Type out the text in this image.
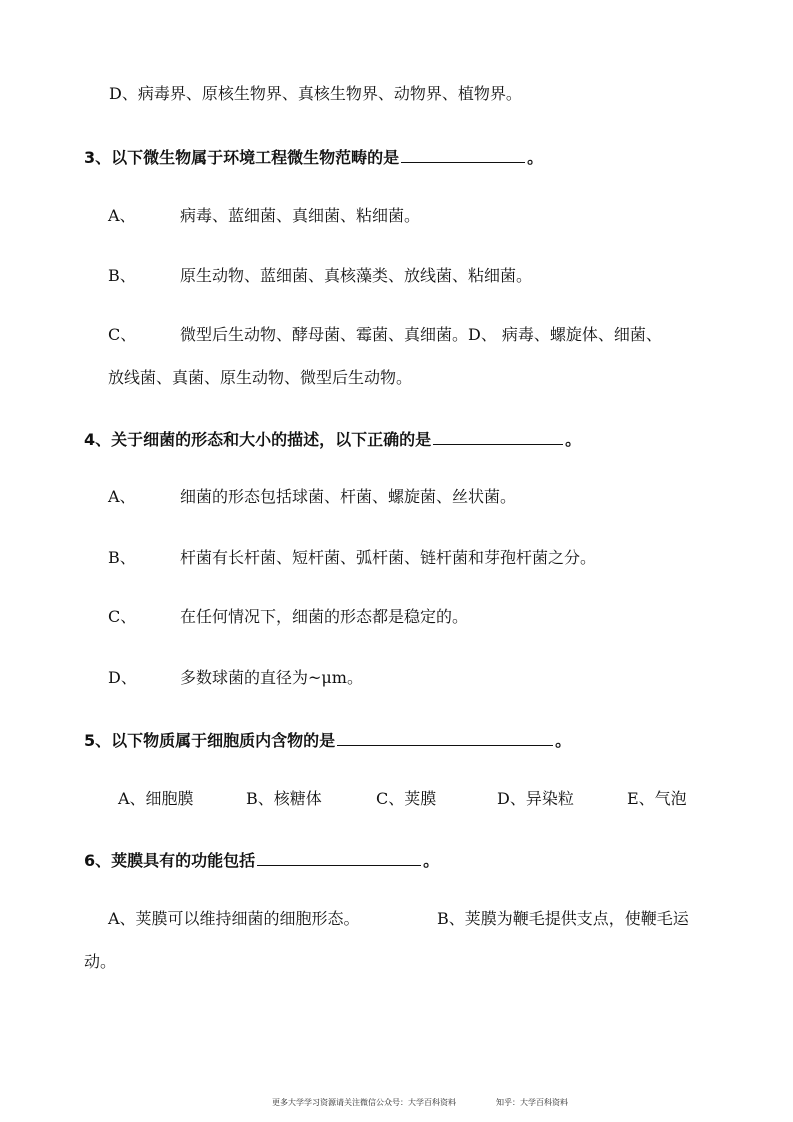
D、病毒界、原核生物界、真核生物界、动物界、植物界。
3、以下微生物属于环境工程微生物范畴的是	。
A、	病毒、蓝细菌、真细菌、粘细菌。
B、	原生动物、蓝细菌、真核藻类、放线菌、粘细菌。
C、	微型后生动物、酵母菌、霉菌、真细菌。D、 病毒、螺旋体、细菌、
放线菌、真菌、原生动物、微型后生动物。
4、关于细菌的形态和大小的描述，以下正确的是	。
A、	细菌的形态包括球菌、杆菌、螺旋菌、丝状菌。
B、	杆菌有长杆菌、短杆菌、弧杆菌、链杆菌和芽孢杆菌之分。
C、	在任何情况下，细菌的形态都是稳定的。
D、	多数球菌的直径为~μm。
5、以下物质属于细胞质内含物的是	。
A、细胞膜	B、核糖体	C、荚膜	D、异染粒	E、气泡
6、荚膜具有的功能包括	。
A、荚膜可以维持细菌的细胞形态。	B、荚膜为鞭毛提供支点，使鞭毛运
动。
更多大学学习资源请关注微信公众号：大学百科资料	知乎：大学百科资料
